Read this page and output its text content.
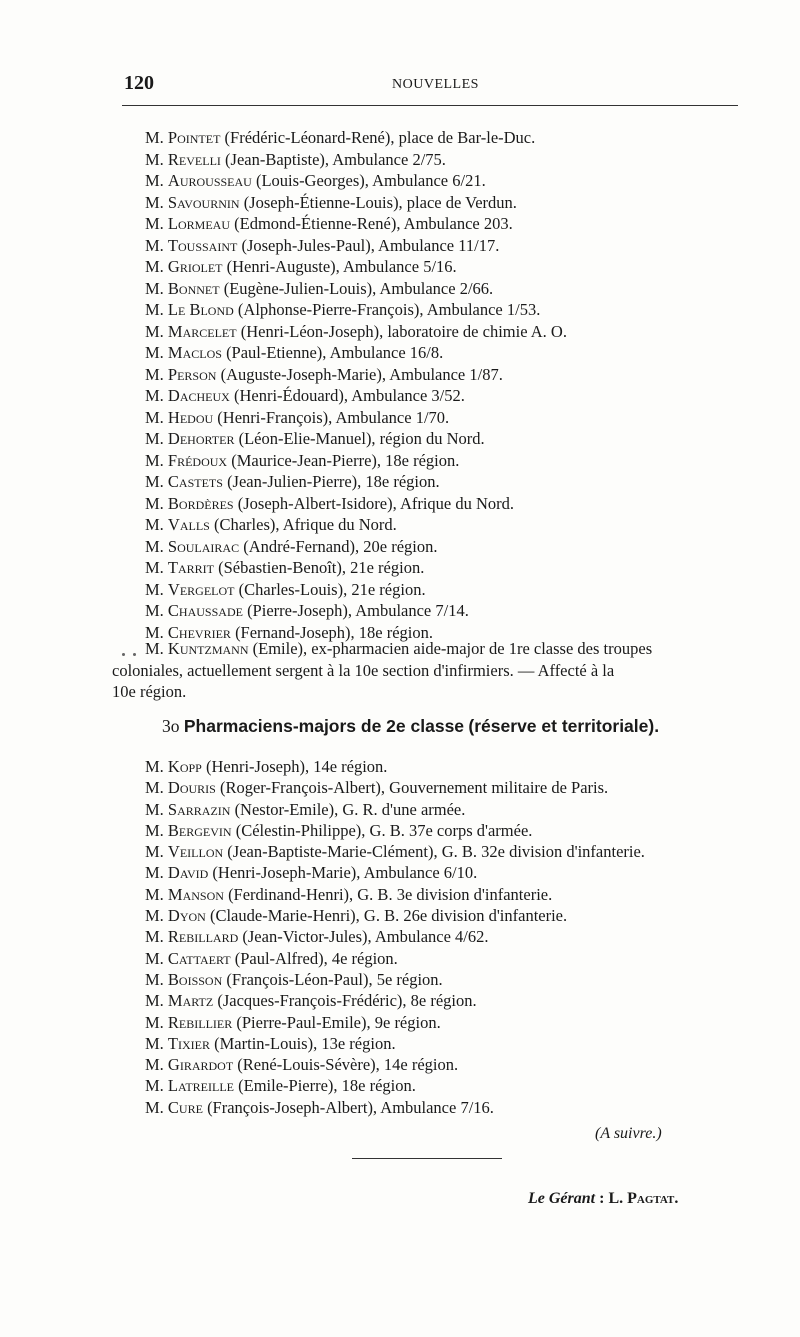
120	NOUVELLES
M. Pointet (Frédéric-Léonard-René), place de Bar-le-Duc.
M. Revelli (Jean-Baptiste), Ambulance 2/75.
M. Aurousseau (Louis-Georges), Ambulance 6/21.
M. Savournin (Joseph-Étienne-Louis), place de Verdun.
M. Lormeau (Edmond-Étienne-René), Ambulance 203.
M. Toussaint (Joseph-Jules-Paul), Ambulance 11/17.
M. Griolet (Henri-Auguste), Ambulance 5/16.
M. Bonnet (Eugène-Julien-Louis), Ambulance 2/66.
M. Le Blond (Alphonse-Pierre-François), Ambulance 1/53.
M. Marcelet (Henri-Léon-Joseph), laboratoire de chimie A. O.
M. Maclos (Paul-Etienne), Ambulance 16/8.
M. Person (Auguste-Joseph-Marie), Ambulance 1/87.
M. Dacheux (Henri-Édouard), Ambulance 3/52.
M. Hedou (Henri-François), Ambulance 1/70.
M. Dehorter (Léon-Elie-Manuel), région du Nord.
M. Frédoux (Maurice-Jean-Pierre), 18e région.
M. Castets (Jean-Julien-Pierre), 18e région.
M. Bordères (Joseph-Albert-Isidore), Afrique du Nord.
M. Valls (Charles), Afrique du Nord.
M. Soulairac (André-Fernand), 20e région.
M. Tarrit (Sébastien-Benoît), 21e région.
M. Vergelot (Charles-Louis), 21e région.
M. Chaussade (Pierre-Joseph), Ambulance 7/14.
M. Chevrier (Fernand-Joseph), 18e région.
M. Kuntzmann (Emile), ex-pharmacien aide-major de 1re classe des troupes
coloniales, actuellement sergent à la 10e section d'infirmiers. — Affecté à la
10e région.
3o Pharmaciens-majors de 2e classe (réserve et territoriale).
M. Kopp (Henri-Joseph), 14e région.
M. Douris (Roger-François-Albert), Gouvernement militaire de Paris.
M. Sarrazin (Nestor-Emile), G. R. d'une armée.
M. Bergevin (Célestin-Philippe), G. B. 37e corps d'armée.
M. Veillon (Jean-Baptiste-Marie-Clément), G. B. 32e division d'infanterie.
M. David (Henri-Joseph-Marie), Ambulance 6/10.
M. Manson (Ferdinand-Henri), G. B. 3e division d'infanterie.
M. Dyon (Claude-Marie-Henri), G. B. 26e division d'infanterie.
M. Rebillard (Jean-Victor-Jules), Ambulance 4/62.
M. Cattaert (Paul-Alfred), 4e région.
M. Boisson (François-Léon-Paul), 5e région.
M. Martz (Jacques-François-Frédéric), 8e région.
M. Rebillier (Pierre-Paul-Emile), 9e région.
M. Tixier (Martin-Louis), 13e région.
M. Girardot (René-Louis-Sévère), 14e région.
M. Latreille (Emile-Pierre), 18e région.
M. Cure (François-Joseph-Albert), Ambulance 7/16.
(A suivre.)
Le Gérant : L. Pagtat.
